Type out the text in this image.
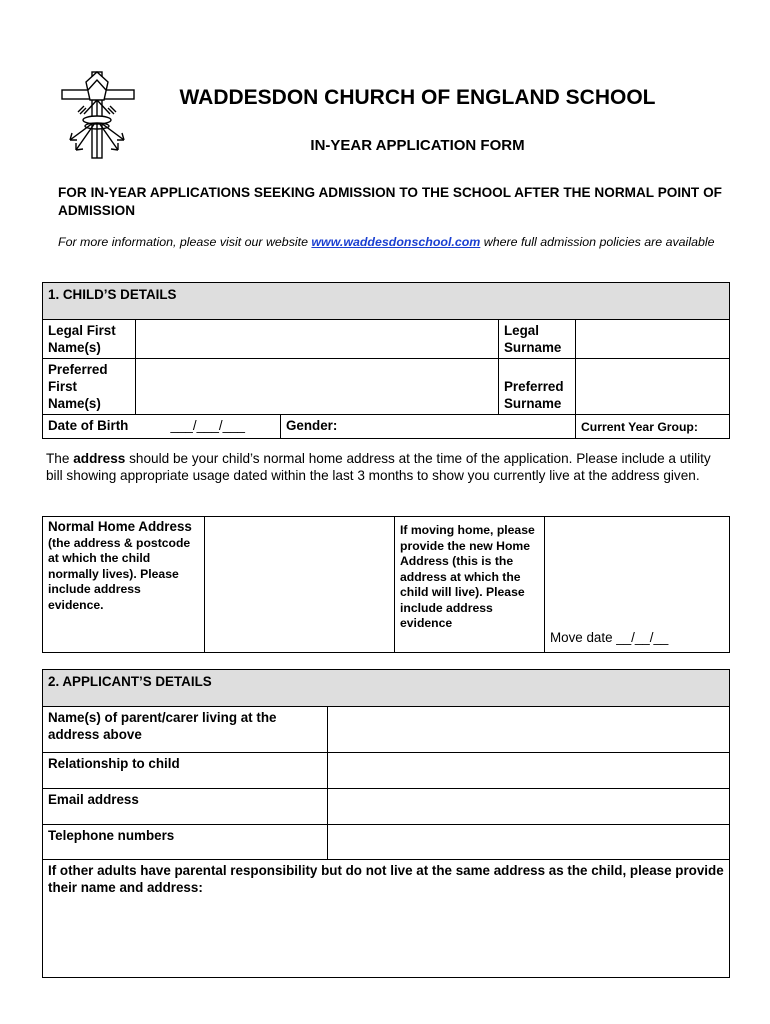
WADDESDON CHURCH OF ENGLAND SCHOOL
IN-YEAR APPLICATION FORM
FOR IN-YEAR APPLICATIONS SEEKING ADMISSION TO THE SCHOOL AFTER THE NORMAL POINT OF ADMISSION
For more information, please visit our website www.waddesdonschool.com where full admission policies are available
1. CHILD’S DETAILS				
Legal First Name(s)			Legal Surname	
Preferred First Name(s)			Preferred Surname	
Date of Birth	___/___/___	Gender:		Current Year Group:
The address should be your child’s normal home address at the time of the application. Please include a utility bill showing appropriate usage dated within the last 3 months to show you currently live at the address given.
Normal Home Address (the address & postcode at which the child normally lives). Please include address evidence.		If moving home, please provide the new Home Address (this is the address at which the child will live). Please include address evidence	Move date __/__/__
2. APPLICANT’S DETAILS	
Name(s) of parent/carer living at the address above	
Relationship to child	
Email address	
Telephone numbers	
If other adults have parental responsibility but do not live at the same address as the child, please provide their name and address:	
